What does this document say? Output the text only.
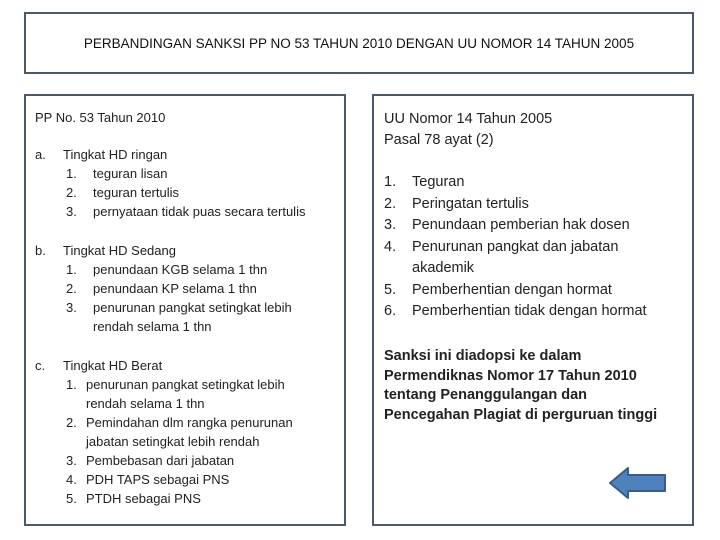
PERBANDINGAN SANKSI PP NO 53 TAHUN 2010 DENGAN UU NOMOR 14 TAHUN 2005
PP No. 53 Tahun 2010
a. Tingkat HD ringan
1. teguran lisan
2. teguran tertulis
3. pernyataan tidak puas secara tertulis
b. Tingkat HD Sedang
1. penundaan KGB selama 1 thn
2. penundaan KP selama 1 thn
3. penurunan pangkat setingkat lebih
rendah selama 1 thn
c. Tingkat HD Berat
1. penurunan pangkat setingkat lebih
rendah selama 1 thn
2. Pemindahan dlm rangka penurunan
jabatan setingkat lebih rendah
3. Pembebasan dari jabatan
4. PDH TAPS sebagai PNS
5. PTDH sebagai PNS
UU Nomor 14 Tahun 2005
Pasal 78 ayat (2)
1. Teguran
2. Peringatan tertulis
3. Penundaan pemberian hak dosen
4. Penurunan pangkat dan jabatan
akademik
5. Pemberhentian dengan hormat
6. Pemberhentian tidak dengan hormat
Sanksi ini diadopsi ke dalam
Permendiknas Nomor 17 Tahun 2010
tentang Penanggulangan dan
Pencegahan Plagiat di perguruan tinggi
